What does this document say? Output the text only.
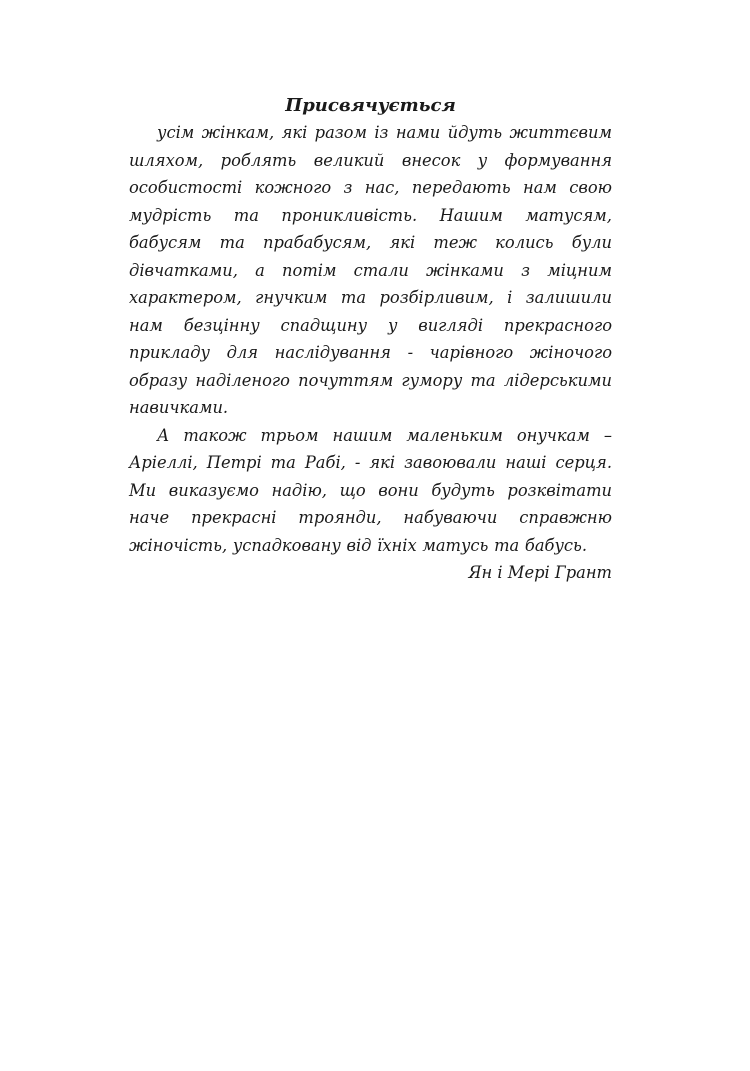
Присвячується

усім жінкам, які разом із нами йдуть життєвим шляхом, роблять великий внесок у формування особистості кожного з нас, передають нам свою мудрість та проникливість. Нашим матусям, бабусям та прабабусям, які теж колись були дівчатками, а потім стали жінками з міцним характером, гнучким та розбірливим, і залишили нам безцінну спадщину у вигляді прекрасного прикладу для наслідування - чарівного жіночого образу наділеного почуттям гумору та лідерськими навичками.

А також трьом нашим маленьким онучкам – Аріеллі, Петрі та Рабі, - які завоювали наші серця. Ми виказуємо надію, що вони будуть розквітати наче прекрасні троянди, набуваючи справжню жіночість, успадковану від їхніх матусь та бабусь.

Ян і Мері Грант
